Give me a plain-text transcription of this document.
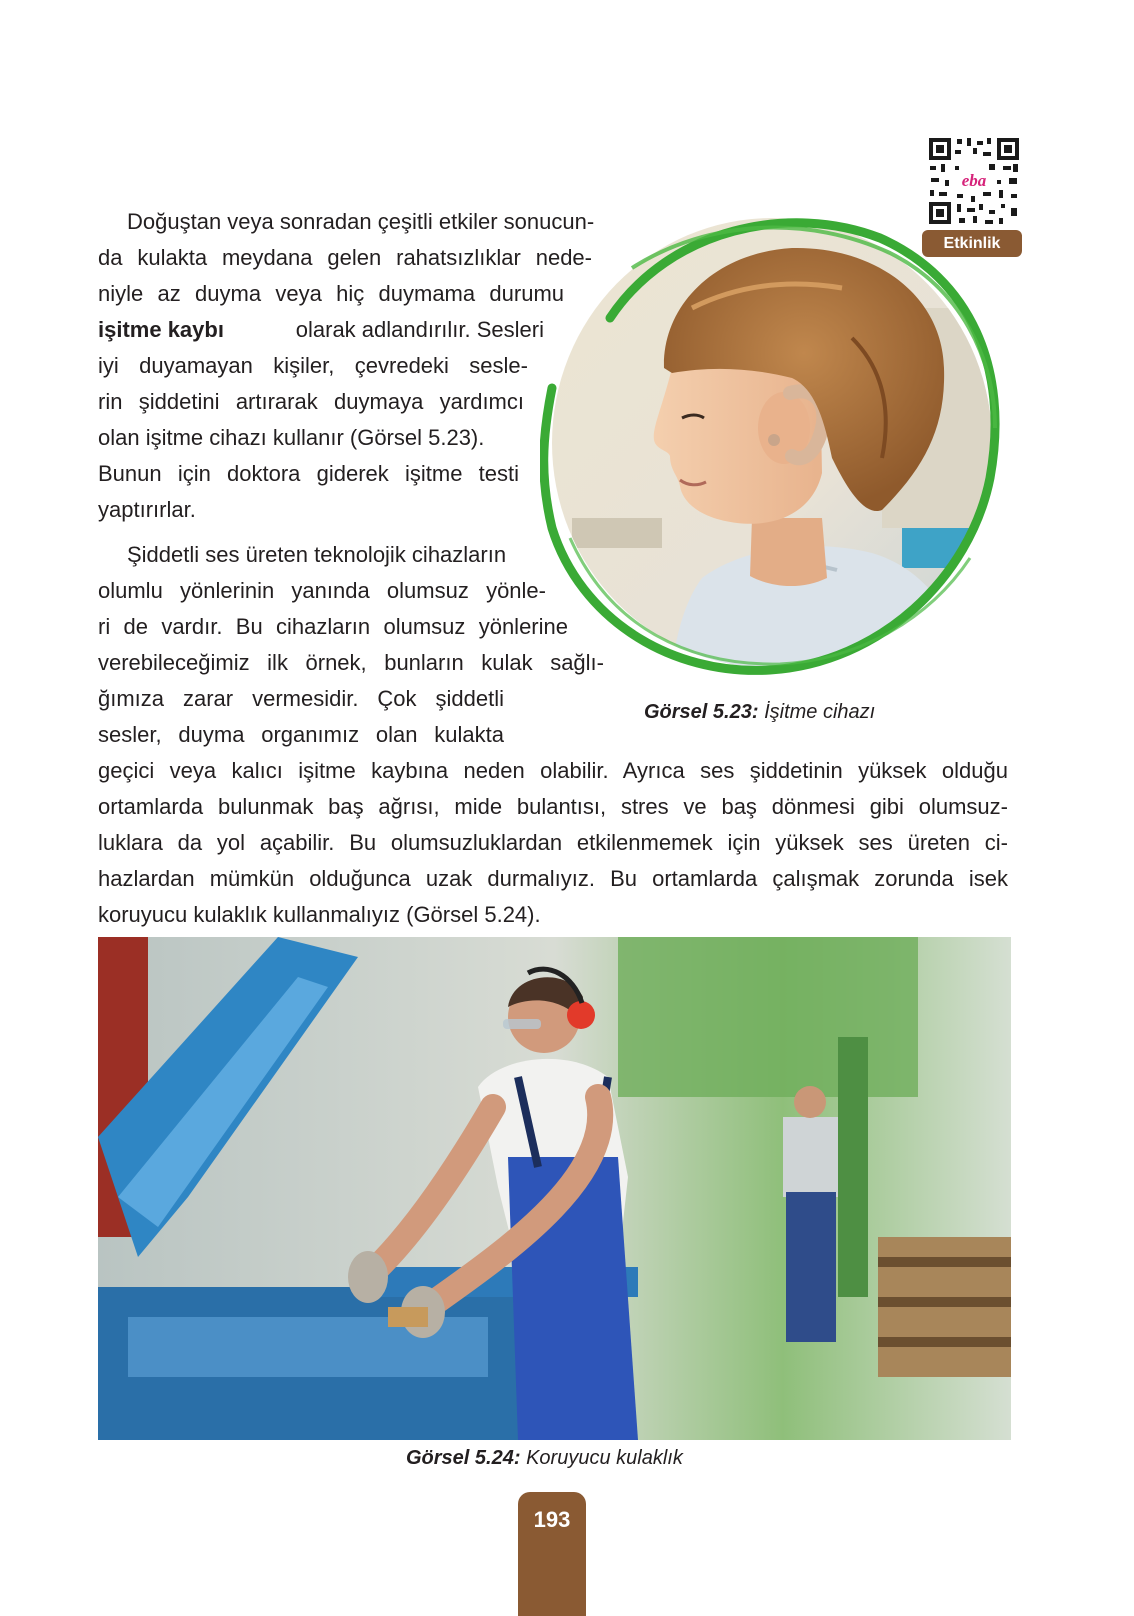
eba
Etkinlik
Doğuştan veya sonradan çeşitli etkiler sonucun-
da kulakta meydana gelen rahatsızlıklar nede-
niyle az duyma veya hiç duymama durumu
işitme kaybı	olarak adlandırılır. Sesleri
iyi duyamayan kişiler, çevredeki sesle-
rin şiddetini artırarak duymaya yardımcı
olan işitme cihazı kullanır (Görsel 5.23).
Bunun için doktora giderek işitme testi
yaptırırlar.
Şiddetli ses üreten teknolojik cihazların
olumlu yönlerinin yanında olumsuz yönle-
ri de vardır. Bu cihazların olumsuz yönlerine
verebileceğimiz ilk örnek, bunların kulak sağlı-
ğımıza zarar vermesidir. Çok şiddetli
sesler, duyma organımız olan kulakta
geçici veya kalıcı işitme kaybına neden olabilir. Ayrıca ses şiddetinin yüksek olduğu
ortamlarda bulunmak baş ağrısı, mide bulantısı, stres ve baş dönmesi gibi olumsuz-
luklara da yol açabilir. Bu olumsuzluklardan etkilenmemek için yüksek ses üreten ci-
hazlardan mümkün olduğunca uzak durmalıyız. Bu ortamlarda çalışmak zorunda isek
koruyucu kulaklık kullanmalıyız (Görsel 5.24).
Görsel 5.23: İşitme cihazı
Görsel 5.24: Koruyucu kulaklık
193
